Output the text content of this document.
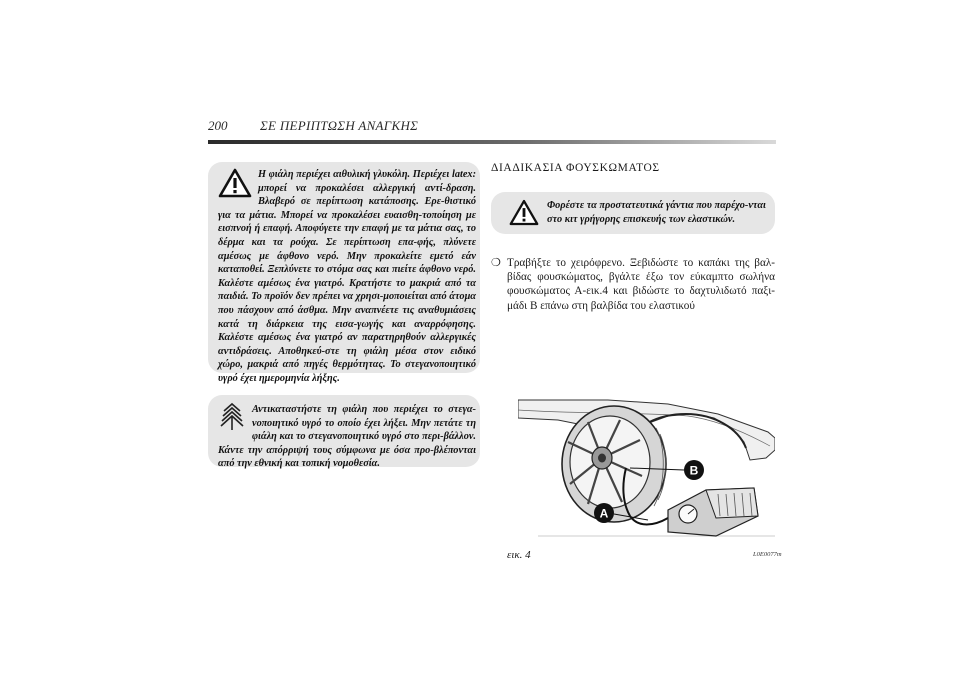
200	ΣΕ ΠΕΡΙΠΤΩΣΗ ΑΝΑΓΚΗΣ

Η φιάλη περιέχει αιθυλική γλυκόλη. Περιέχει latex: μπορεί να προκαλέσει αλλεργική αντί-δραση. Βλαβερό σε περίπτωση κατάποσης. Ερε-θιστικό για τα μάτια. Μπορεί να προκαλέσει ευαισθη-τοποίηση με εισπνοή ή επαφή. Αποφύγετε την επαφή με τα μάτια σας, το δέρμα και τα ρούχα. Σε περίπτωση επα-φής, πλύνετε αμέσως με άφθονο νερό. Μην προκαλείτε εμετό εάν καταποθεί. Ξεπλύνετε το στόμα σας και πιείτε άφθονο νερό. Καλέστε αμέσως ένα γιατρό. Κρατήστε το μακριά από τα παιδιά. Το προϊόν δεν πρέπει να χρησι-μοποιείται από άτομα που πάσχουν από άσθμα. Μην αναπνέετε τις αναθυμιάσεις κατά τη διάρκεια της εισα-γωγής και αναρρόφησης. Καλέστε αμέσως ένα γιατρό αν παρατηρηθούν αλλεργικές αντιδράσεις. Αποθηκεύ-στε τη φιάλη μέσα στον ειδικό χώρο, μακριά από πηγές θερμότητας. Το στεγανοποιητικό υγρό έχει ημερομηνία λήξης.

Αντικαταστήστε τη φιάλη που περιέχει το στεγα-νοποιητικό υγρό το οποίο έχει λήξει. Μην πετάτε τη φιάλη και το στεγανοποιητικό υγρό στο περι-βάλλον. Κάντε την απόρριψή τους σύμφωνα με όσα προ-βλέπονται από την εθνική και τοπική νομοθεσία.

ΔΙΑΔΙΚΑΣΙΑ ΦΟΥΣΚΩΜΑΤΟΣ

Φορέστε τα προστατευτικά γάντια που παρέχο-νται στο κιτ γρήγορης επισκευής των ελαστικών.

❍ Τραβήξτε το χειρόφρενο. Ξεβιδώστε το καπάκι της βαλ-βίδας φουσκώματος, βγάλτε έξω τον εύκαμπτο σωλήνα φουσκώματος Α-εικ.4 και βιδώστε το δαχτυλιδωτό παξι-μάδι Β επάνω στη βαλβίδα του ελαστικού
B
A
εικ. 4	L0E0077m
